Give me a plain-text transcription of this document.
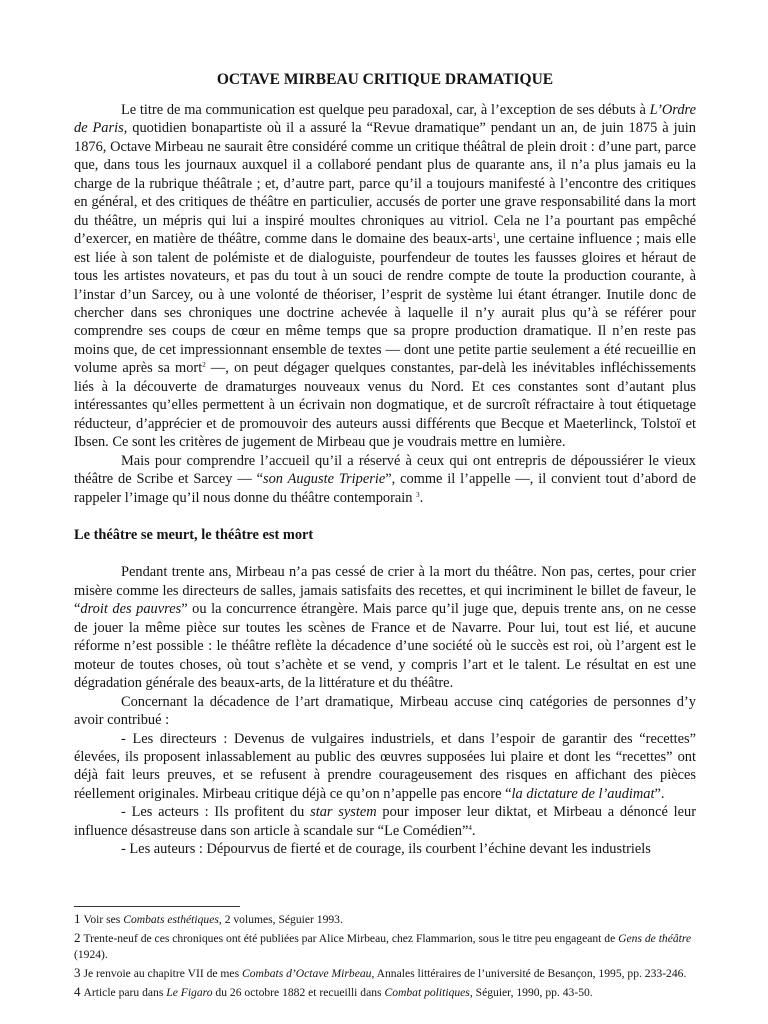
OCTAVE MIRBEAU CRITIQUE DRAMATIQUE

Le titre de ma communication est quelque peu paradoxal, car, à l’exception de ses débuts à L’Ordre de Paris, quotidien bonapartiste où il a assuré la “Revue dramatique” pendant un an, de juin 1875 à juin 1876, Octave Mirbeau ne saurait être considéré comme un critique théâtral de plein droit : d’une part, parce que, dans tous les journaux auxquel il a collaboré pendant plus de quarante ans, il n’a plus jamais eu la charge de la rubrique théâtrale ; et, d’autre part, parce qu’il a toujours manifesté à l’encontre des critiques en général, et des critiques de théâtre en particulier, accusés de porter une grave responsabilité dans la mort du théâtre, un mépris qui lui a inspiré moultes chroniques au vitriol. Cela ne l’a pourtant pas empêché d’exercer, en matière de théâtre, comme dans le domaine des beaux-arts$^1$, une certaine influence ; mais elle est liée à son talent de polémiste et de dialoguiste, pourfendeur de toutes les fausses gloires et héraut de tous les artistes novateurs, et pas du tout à un souci de rendre compte de toute la production courante, à l’instar d’un Sarcey, ou à une volonté de théoriser, l’esprit de système lui étant étranger. Inutile donc de chercher dans ses chroniques une doctrine achevée à laquelle il n’y aurait plus qu’à se référer pour comprendre ses coups de cœur en même temps que sa propre production dramatique. Il n’en reste pas moins que, de cet impressionnant ensemble de textes — dont une petite partie seulement a été recueillie en volume après sa mort$^2$ —, on peut dégager quelques constantes, par-delà les inévitables infléchissements liés à la découverte de dramaturges nouveaux venus du Nord. Et ces constantes sont d’autant plus intéressantes qu’elles permettent à un écrivain non dogmatique, et de surcroît réfractaire à tout étiquetage réducteur, d’apprécier et de promouvoir des auteurs aussi différents que Becque et Maeterlinck, Tolstoï et Ibsen. Ce sont les critères de jugement de Mirbeau que je voudrais mettre en lumière.

Mais pour comprendre l’accueil qu’il a réservé à ceux qui ont entrepris de dépoussiérer le vieux théâtre de Scribe et Sarcey — “son Auguste Triperie”, comme il l’appelle —, il convient tout d’abord de rappeler l’image qu’il nous donne du théâtre contemporain $^3$.

Le théâtre se meurt, le théâtre est mort

Pendant trente ans, Mirbeau n’a pas cessé de crier à la mort du théâtre. Non pas, certes, pour crier misère comme les directeurs de salles, jamais satisfaits des recettes, et qui incriminent le billet de faveur, le “droit des pauvres” ou la concurrence étrangère. Mais parce qu’il juge que, depuis trente ans, on ne cesse de jouer la même pièce sur toutes les scènes de France et de Navarre. Pour lui, tout est lié, et aucune réforme n’est possible : le théâtre reflète la décadence d’une société où le succès est roi, où l’argent est le moteur de toutes choses, où tout s’achète et se vend, y compris l’art et le talent. Le résultat en est une dégradation générale des beaux-arts, de la littérature et du théâtre.

Concernant la décadence de l’art dramatique, Mirbeau accuse cinq catégories de personnes d’y avoir contribué :

- Les directeurs : Devenus de vulgaires industriels, et dans l’espoir de garantir des “recettes” élevées, ils proposent inlassablement au public des œuvres supposées lui plaire et dont les “recettes” ont déjà fait leurs preuves, et se refusent à prendre courageusement des risques en affichant des pièces réellement originales. Mirbeau critique déjà ce qu’on n’appelle pas encore “la dictature de l’audimat”.

- Les acteurs : Ils profitent du star system pour imposer leur diktat, et Mirbeau a dénoncé leur influence désastreuse dans son article à scandale sur “Le Comédien”$^4$.

- Les auteurs : Dépourvus de fierté et de courage, ils courbent l’échine devant les industriels

1 Voir ses Combats esthétiques, 2 volumes, Séguier 1993.
2 Trente-neuf de ces chroniques ont été publiées par Alice Mirbeau, chez Flammarion, sous le titre peu engageant de Gens de théâtre (1924).
3 Je renvoie au chapitre VII de mes Combats d’Octave Mirbeau, Annales littéraires de l’université de Besançon, 1995, pp. 233-246.
4 Article paru dans Le Figaro du 26 octobre 1882 et recueilli dans Combat politiques, Séguier, 1990, pp. 43-50.
